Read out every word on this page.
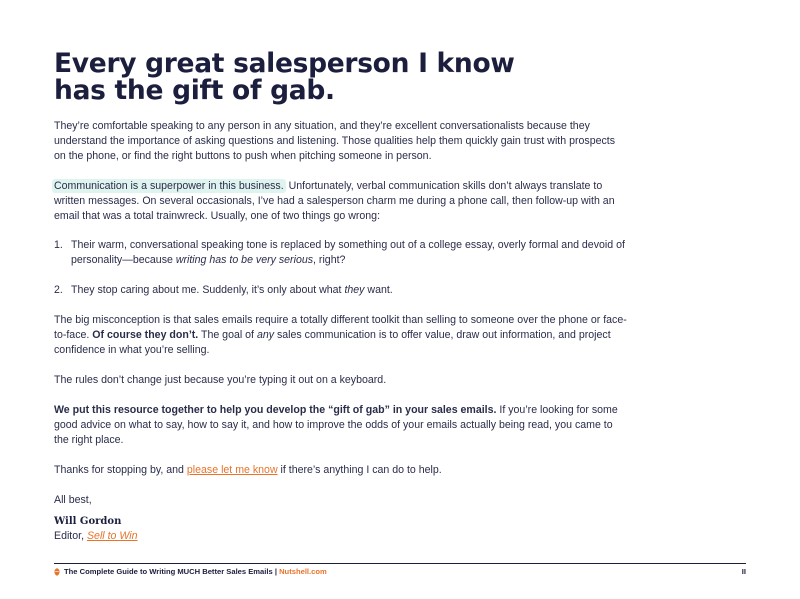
Every great salesperson I know
has the gift of gab.

They’re comfortable speaking to any person in any situation, and they’re excellent conversationalists because they understand the importance of asking questions and listening. Those qualities help them quickly gain trust with prospects on the phone, or find the right buttons to push when pitching someone in person.

Communication is a superpower in this business. Unfortunately, verbal communication skills don’t always translate to written messages. On several occasionals, I’ve had a salesperson charm me during a phone call, then follow-up with an email that was a total trainwreck. Usually, one of two things go wrong:

1. Their warm, conversational speaking tone is replaced by something out of a college essay, overly formal and devoid of personality—because writing has to be very serious, right?
2. They stop caring about me. Suddenly, it’s only about what they want.

The big misconception is that sales emails require a totally different toolkit than selling to someone over the phone or face-to-face. Of course they don’t. The goal of any sales communication is to offer value, draw out information, and project confidence in what you’re selling.

The rules don’t change just because you’re typing it out on a keyboard.

We put this resource together to help you develop the “gift of gab” in your sales emails. If you’re looking for some good advice on what to say, how to say it, and how to improve the odds of your emails actually being read, you came to the right place.

Thanks for stopping by, and please let me know if there’s anything I can do to help.

All best,

Will Gordon
Editor, Sell to Win
The Complete Guide to Writing MUCH Better Sales Emails | Nutshell.com	II
